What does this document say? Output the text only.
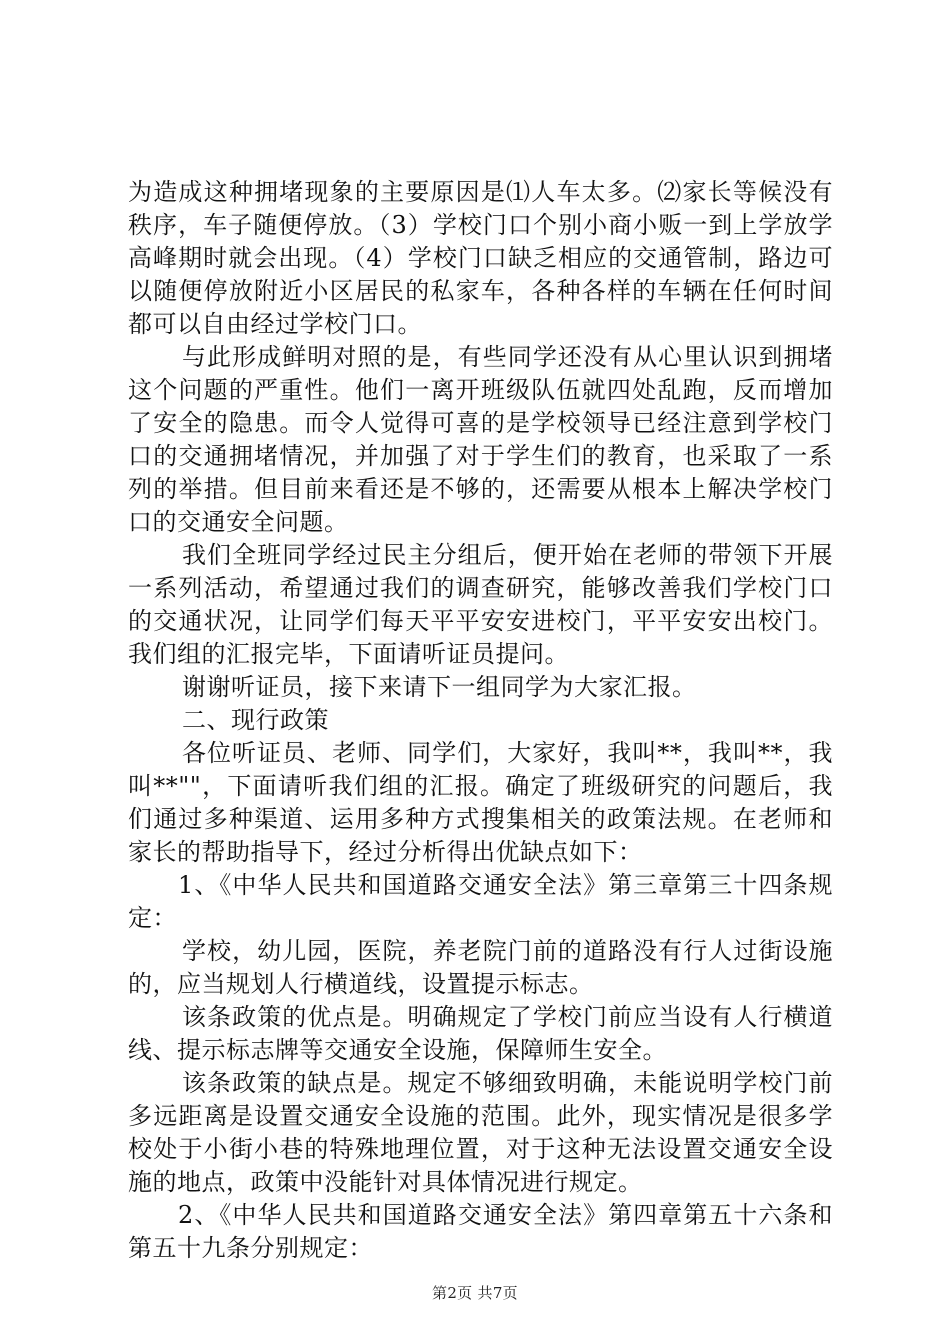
为造成这种拥堵现象的主要原因是⑴人车太多。⑵家长等候没有秩序，车子随便停放。（3）学校门口个别小商小贩一到上学放学高峰期时就会出现。（4）学校门口缺乏相应的交通管制，路边可以随便停放附近小区居民的私家车，各种各样的车辆在任何时间都可以自由经过学校门口。

与此形成鲜明对照的是，有些同学还没有从心里认识到拥堵这个问题的严重性。他们一离开班级队伍就四处乱跑，反而增加了安全的隐患。而令人觉得可喜的是学校领导已经注意到学校门口的交通拥堵情况，并加强了对于学生们的教育，也采取了一系列的举措。但目前来看还是不够的，还需要从根本上解决学校门口的交通安全问题。

我们全班同学经过民主分组后，便开始在老师的带领下开展一系列活动，希望通过我们的调查研究，能够改善我们学校门口的交通状况，让同学们每天平平安安进校门，平平安安出校门。我们组的汇报完毕，下面请听证员提问。

谢谢听证员，接下来请下一组同学为大家汇报。

二、现行政策

各位听证员、老师、同学们，大家好，我叫**，我叫**，我叫**""，下面请听我们组的汇报。确定了班级研究的问题后，我们通过多种渠道、运用多种方式搜集相关的政策法规。在老师和家长的帮助指导下，经过分析得出优缺点如下：

1、《中华人民共和国道路交通安全法》第三章第三十四条规定：

学校，幼儿园，医院，养老院门前的道路没有行人过街设施的，应当规划人行横道线，设置提示标志。

该条政策的优点是。明确规定了学校门前应当设有人行横道线、提示标志牌等交通安全设施，保障师生安全。

该条政策的缺点是。规定不够细致明确，未能说明学校门前多远距离是设置交通安全设施的范围。此外，现实情况是很多学校处于小街小巷的特殊地理位置，对于这种无法设置交通安全设施的地点，政策中没能针对具体情况进行规定。

2、《中华人民共和国道路交通安全法》第四章第五十六条和第五十九条分别规定：

第2页 共7页
